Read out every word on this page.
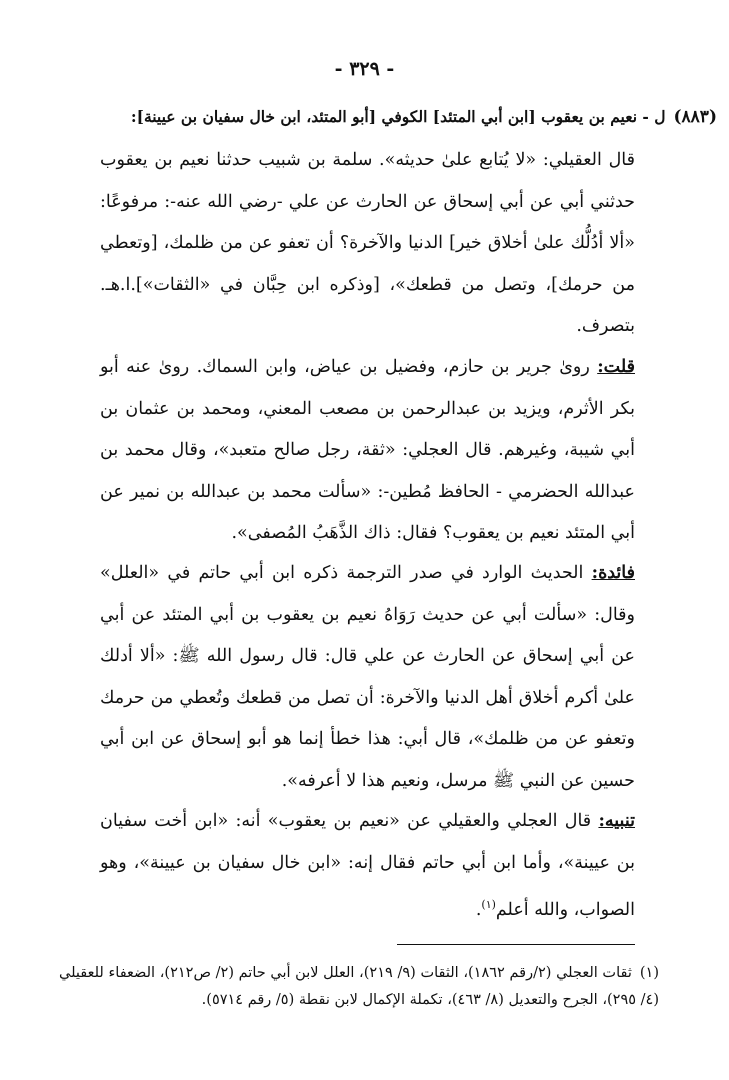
- ٣٢٩ -
(٨٨٣)ل - نعيم بن يعقوب [ابن أبي المتئد] الكوفي [أبو المتئد، ابن خال سفيان بن عيينة]:

قال العقيلي: «لا يُتابع علىٰ حديثه». سلمة بن شبيب حدثنا نعيم بن يعقوب حدثني أبي عن أبي إسحاق عن الحارث عن علي -رضي الله عنه-: مرفوعًا: «ألا أدُلُّك علىٰ أخلاق خير] الدنيا والآخرة؟ أن تعفو عن من ظلمك، [وتعطي من حرمك]، وتصل من قطعك»، [وذكره ابن حِبَّان في «الثقات»].ا.هـ. بتصرف.

قلت: روىٰ جرير بن حازم، وفضيل بن عياض، وابن السماك. روىٰ عنه أبو بكر الأثرم، ويزيد بن عبدالرحمن بن مصعب المعني، ومحمد بن عثمان بن أبي شيبة، وغيرهم. قال العجلي: «ثقة، رجل صالح متعبد»، وقال محمد بن عبدالله الحضرمي - الحافظ مُطين-: «سألت محمد بن عبدالله بن نمير عن أبي المتئد نعيم بن يعقوب؟ فقال: ذاك الذَّهَبُ المُصفى».

فائدة: الحديث الوارد في صدر الترجمة ذكره ابن أبي حاتم في «العلل» وقال: «سألت أبي عن حديث رَوَاهُ نعيم بن يعقوب بن أبي المتئد عن أبي عن أبي إسحاق عن الحارث عن علي قال: قال رسول الله ﷺ: «ألا أدلك علىٰ أكرم أخلاق أهل الدنيا والآخرة: أن تصل من قطعك وتُعطي من حرمك وتعفو عن من ظلمك»، قال أبي: هذا خطأ إنما هو أبو إسحاق عن ابن أبي حسين عن النبي ﷺ مرسل، ونعيم هذا لا أعرفه».

تنبيه: قال العجلي والعقيلي عن «نعيم بن يعقوب» أنه: «ابن أخت سفيان بن عيينة»، وأما ابن أبي حاتم فقال إنه: «ابن خال سفيان بن عيينة»، وهو الصواب، والله أعلم$^{(١)}$.

(١)ثقات العجلي (٢/رقم ١٨٦٢)، الثقات (٩/ ٢١٩)، العلل لابن أبي حاتم (٢/ ص٢١٢)، الضعفاء للعقيلي (٤/ ٢٩٥)، الجرح والتعديل (٨/ ٤٦٣)، تكملة الإكمال لابن نقطة (٥/ رقم ٥٧١٤).
